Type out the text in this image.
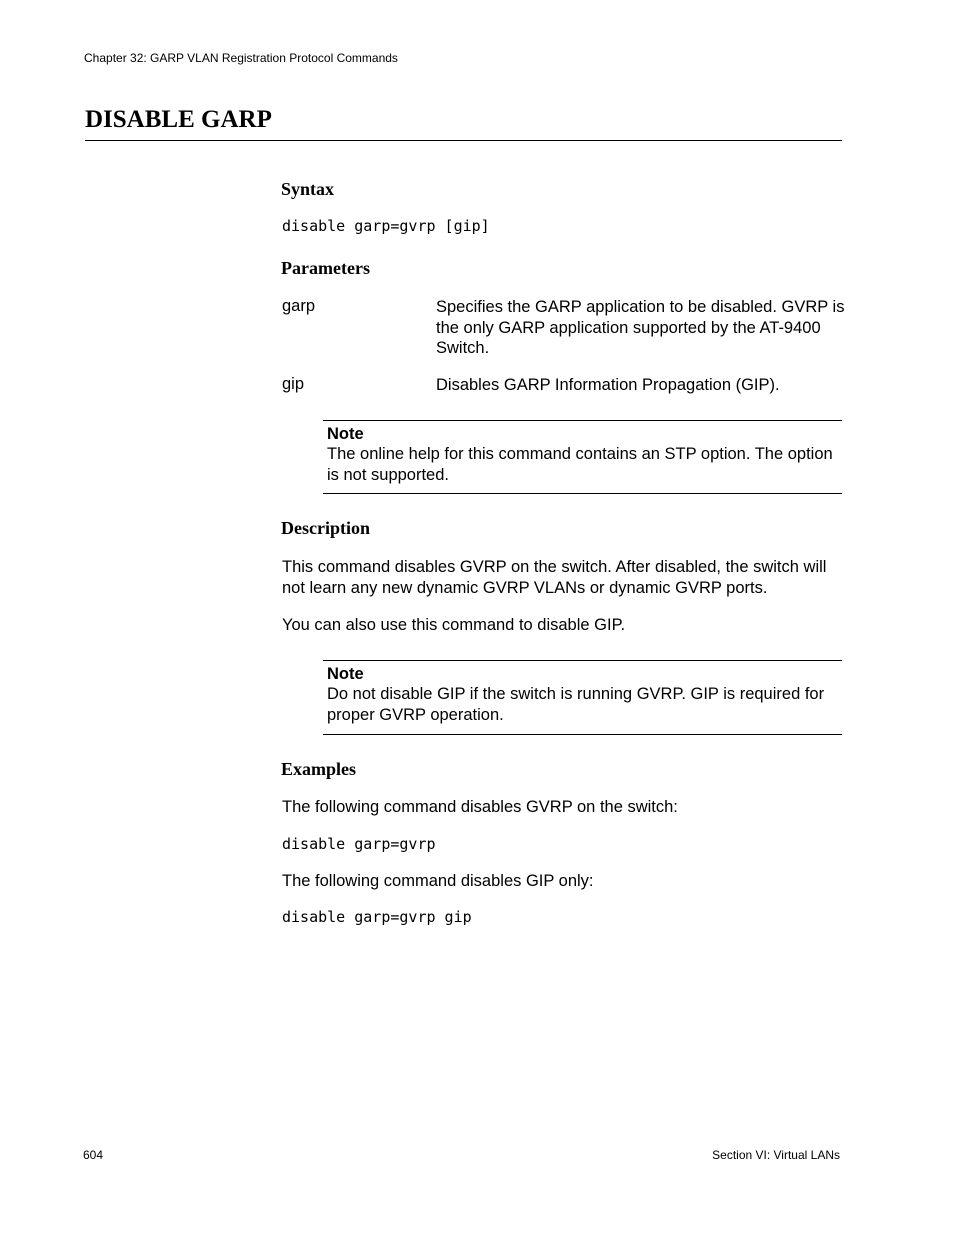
Chapter 32: GARP VLAN Registration Protocol Commands
DISABLE GARP
Syntax
disable garp=gvrp [gip]
Parameters
garp	Specifies the GARP application to be disabled. GVRP is the only GARP application supported by the AT-9400 Switch.
gip	Disables GARP Information Propagation (GIP).
Note
The online help for this command contains an STP option. The option is not supported.
Description
This command disables GVRP on the switch. After disabled, the switch will not learn any new dynamic GVRP VLANs or dynamic GVRP ports.
You can also use this command to disable GIP.
Note
Do not disable GIP if the switch is running GVRP. GIP is required for proper GVRP operation.
Examples
The following command disables GVRP on the switch:
disable garp=gvrp
The following command disables GIP only:
disable garp=gvrp gip
604	Section VI: Virtual LANs
